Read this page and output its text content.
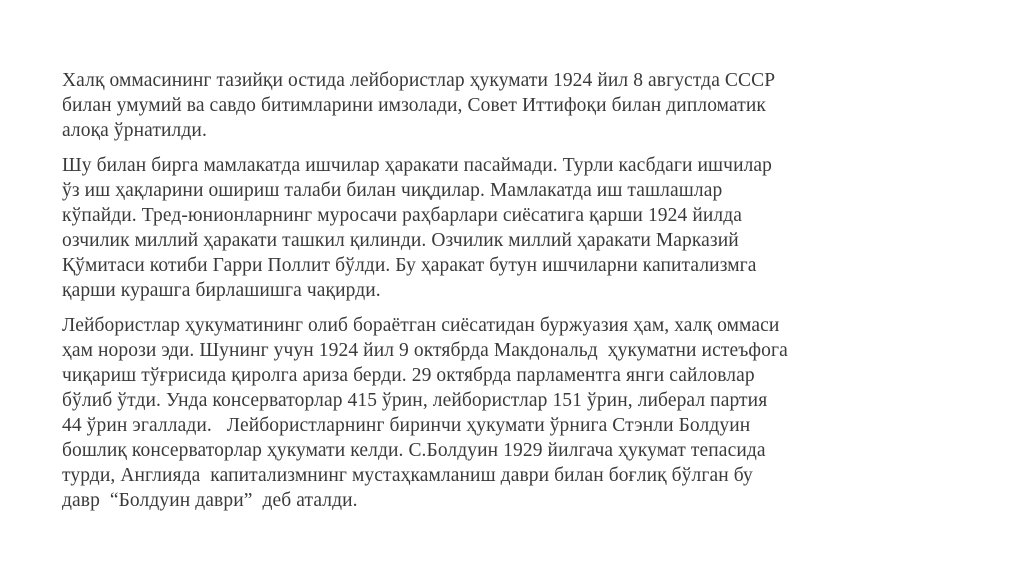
Халқ оммасининг тазийқи остида лейбористлар ҳукумати 1924 йил 8 августда СССР
билан умумий ва савдо битимларини имзолади, Совет Иттифоқи билан дипломатик
алоқа ўрнатилди.

Шу билан бирга мамлакатда ишчилар ҳаракати пасаймади. Турли касбдаги ишчилар
ўз иш ҳақларини ошириш талаби билан чиқдилар. Мамлакатда иш ташлашлар
кўпайди. Тред-юнионларнинг муросачи раҳбарлари сиёсатига қарши 1924 йилда
озчилик миллий ҳаракати ташкил қилинди. Озчилик миллий ҳаракати Марказий
Қўмитаси котиби Гарри Поллит бўлди. Бу ҳаракат бутун ишчиларни капитализмга
қарши курашга бирлашишга чақирди.

Лейбористлар ҳукуматининг олиб бораётган сиёсатидан буржуазия ҳам, халқ оммаси
ҳам норози эди. Шунинг учун 1924 йил 9 октябрда Макдональд  ҳукуматни истеъфога
чиқариш тўғрисида қиролга ариза берди. 29 октябрда парламентга янги сайловлар
бўлиб ўтди. Унда консерваторлар 415 ўрин, лейбористлар 151 ўрин, либерал партия
44 ўрин эгаллади.   Лейбористларнинг биринчи ҳукумати ўрнига Стэнли Болдуин
бошлиқ консерваторлар ҳукумати келди. С.Болдуин 1929 йилгача ҳукумат тепасида
турди, Англияда  капитализмнинг мустаҳкамланиш даври билан боғлиқ бўлган бу
давр  “Болдуин даври”  деб аталди.
